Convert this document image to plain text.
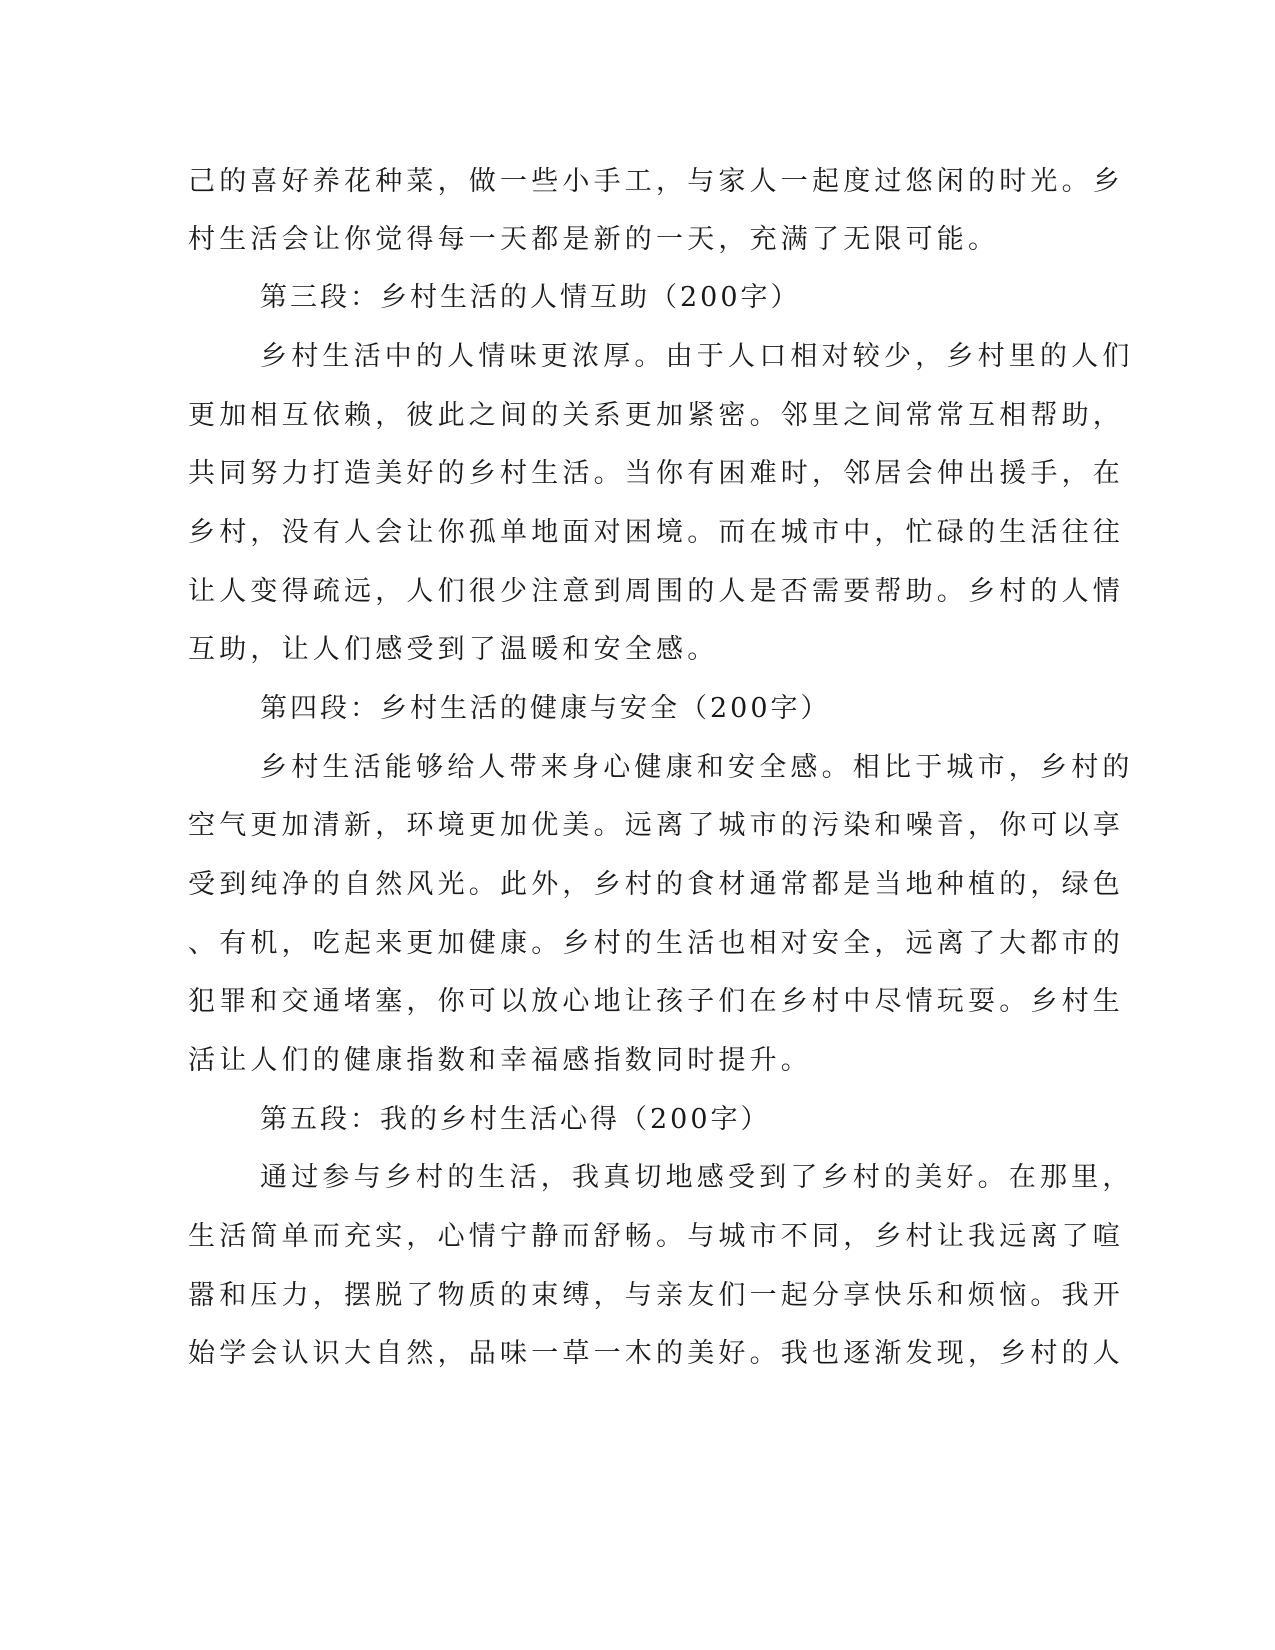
己的喜好养花种菜，做一些小手工，与家人一起度过悠闲的时光。乡
村生活会让你觉得每一天都是新的一天，充满了无限可能。
第三段：乡村生活的人情互助（200字）
乡村生活中的人情味更浓厚。由于人口相对较少，乡村里的人们
更加相互依赖，彼此之间的关系更加紧密。邻里之间常常互相帮助，
共同努力打造美好的乡村生活。当你有困难时，邻居会伸出援手，在
乡村，没有人会让你孤单地面对困境。而在城市中，忙碌的生活往往
让人变得疏远，人们很少注意到周围的人是否需要帮助。乡村的人情
互助，让人们感受到了温暖和安全感。
第四段：乡村生活的健康与安全（200字）
乡村生活能够给人带来身心健康和安全感。相比于城市，乡村的
空气更加清新，环境更加优美。远离了城市的污染和噪音，你可以享
受到纯净的自然风光。此外，乡村的食材通常都是当地种植的，绿色
、有机，吃起来更加健康。乡村的生活也相对安全，远离了大都市的
犯罪和交通堵塞，你可以放心地让孩子们在乡村中尽情玩耍。乡村生
活让人们的健康指数和幸福感指数同时提升。
第五段：我的乡村生活心得（200字）
通过参与乡村的生活，我真切地感受到了乡村的美好。在那里，
生活简单而充实，心情宁静而舒畅。与城市不同，乡村让我远离了喧
嚣和压力，摆脱了物质的束缚，与亲友们一起分享快乐和烦恼。我开
始学会认识大自然，品味一草一木的美好。我也逐渐发现，乡村的人
